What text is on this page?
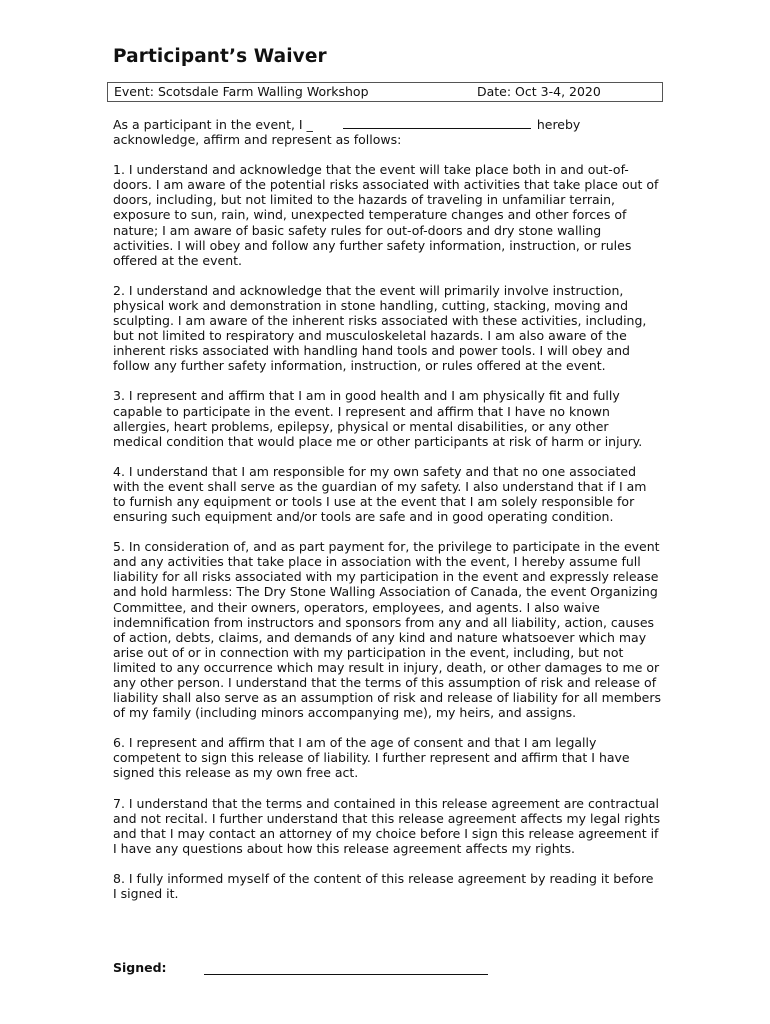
Participant’s Waiver
Event: Scotsdale Farm Walling Workshop	Date: Oct 3-4, 2020

As a participant in the event, I _	hereby
acknowledge, affirm and represent as follows:

1. I understand and acknowledge that the event will take place both in and out-of-doors. I am aware of the potential risks associated with activities that take place out of doors, including, but not limited to the hazards of traveling in unfamiliar terrain, exposure to sun, rain, wind, unexpected temperature changes and other forces of nature; I am aware of basic safety rules for out-of-doors and dry stone walling activities. I will obey and follow any further safety information, instruction, or rules offered at the event.

2. I understand and acknowledge that the event will primarily involve instruction, physical work and demonstration in stone handling, cutting, stacking, moving and sculpting. I am aware of the inherent risks associated with these activities, including, but not limited to respiratory and musculoskeletal hazards. I am also aware of the inherent risks associated with handling hand tools and power tools. I will obey and follow any further safety information, instruction, or rules offered at the event.

3. I represent and affirm that I am in good health and I am physically fit and fully capable to participate in the event. I represent and affirm that I have no known allergies, heart problems, epilepsy, physical or mental disabilities, or any other medical condition that would place me or other participants at risk of harm or injury.

4. I understand that I am responsible for my own safety and that no one associated with the event shall serve as the guardian of my safety. I also understand that if I am to furnish any equipment or tools I use at the event that I am solely responsible for ensuring such equipment and/or tools are safe and in good operating condition.

5. In consideration of, and as part payment for, the privilege to participate in the event and any activities that take place in association with the event, I hereby assume full liability for all risks associated with my participation in the event and expressly release and hold harmless: The Dry Stone Walling Association of Canada, the event Organizing Committee, and their owners, operators, employees, and agents. I also waive indemnification from instructors and sponsors from any and all liability, action, causes of action, debts, claims, and demands of any kind and nature whatsoever which may arise out of or in connection with my participation in the event, including, but not limited to any occurrence which may result in injury, death, or other damages to me or any other person. I understand that the terms of this assumption of risk and release of liability shall also serve as an assumption of risk and release of liability for all members of my family (including minors accompanying me), my heirs, and assigns.

6. I represent and affirm that I am of the age of consent and that I am legally competent to sign this release of liability. I further represent and affirm that I have signed this release as my own free act.

7. I understand that the terms and contained in this release agreement are contractual and not recital. I further understand that this release agreement affects my legal rights and that I may contact an attorney of my choice before I sign this release agreement if I have any questions about how this release agreement affects my rights.

8. I fully informed myself of the content of this release agreement by reading it before I signed it.

Signed:
